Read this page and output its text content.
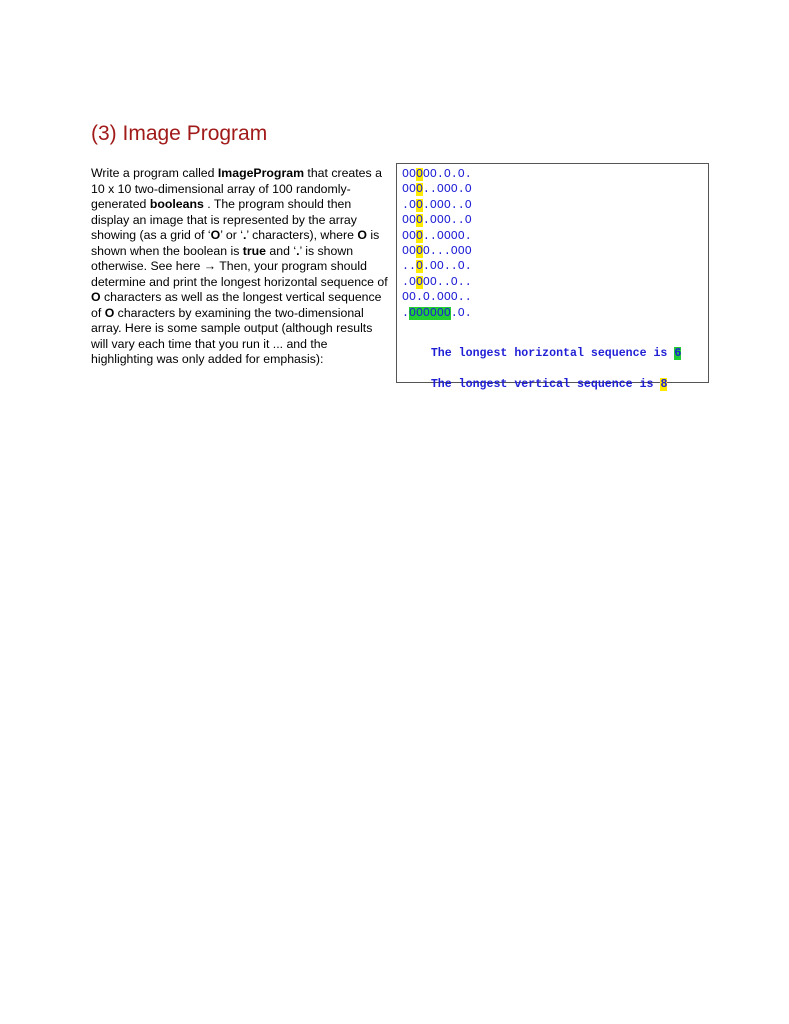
(3) Image Program

Write a program called ImageProgram that creates a 10 x 10 two-dimensional array of 100 randomly-generated booleans . The program should then display an image that is represented by the array showing (as a grid of ‘O’ or ‘.’ characters), where O is shown when the boolean is true and ‘.’ is shown otherwise. See here → Then, your program should determine and print the longest horizontal sequence of O characters as well as the longest vertical sequence of O characters by examining the two-dimensional array. Here is some sample output (although results will vary each time that you run it ... and the highlighting was only added for emphasis):

OOOOO.O.O.
OOO..OOO.O
.OO.OOO..O
OOO.OOO..O
OOO..OOOO.
OOOO...OOO
..O.OO..O.
.OOOO..O..
OO.O.OOO..
.OOOOOO.O.

The longest horizontal sequence is 6

The longest vertical sequence is 8
